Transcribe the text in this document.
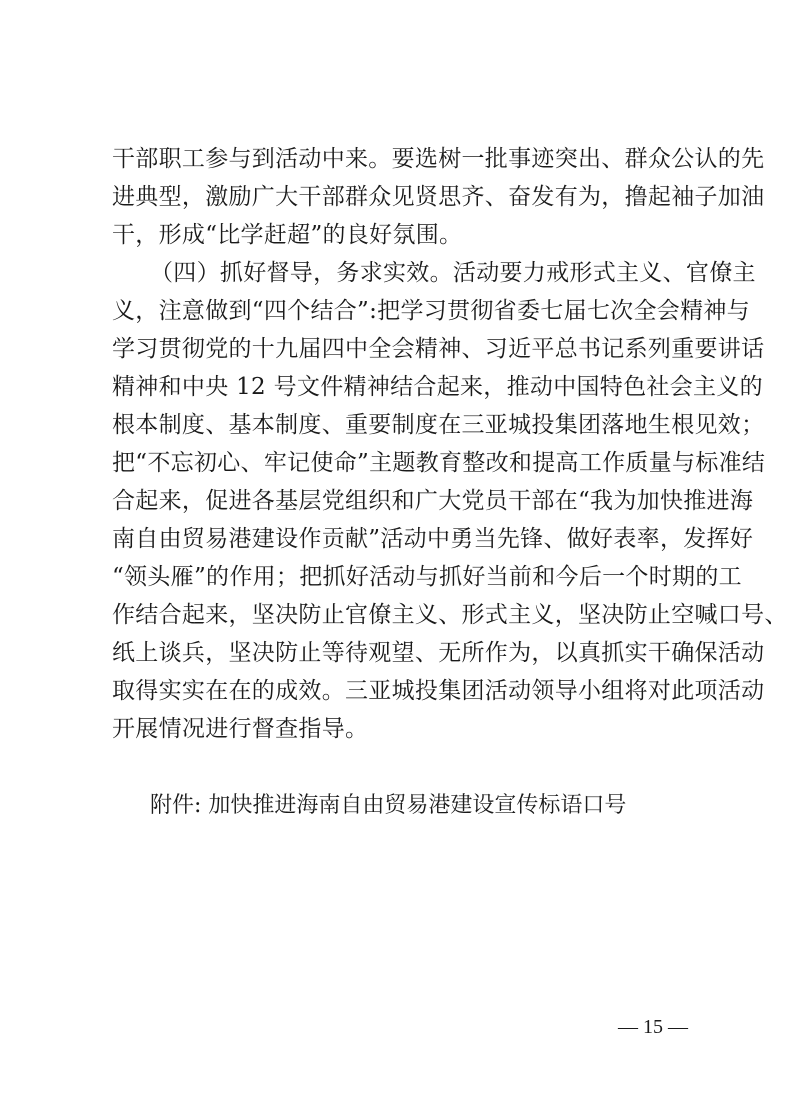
干部职工参与到活动中来。要选树一批事迹突出、群众公认的先
进典型，激励广大干部群众见贤思齐、奋发有为，撸起袖子加油
干，形成“比学赶超”的良好氛围。
（四）抓好督导，务求实效。活动要力戒形式主义、官僚主
义，注意做到“四个结合”:把学习贯彻省委七届七次全会精神与
学习贯彻党的十九届四中全会精神、习近平总书记系列重要讲话
精神和中央 12 号文件精神结合起来，推动中国特色社会主义的
根本制度、基本制度、重要制度在三亚城投集团落地生根见效；
把“不忘初心、牢记使命”主题教育整改和提高工作质量与标准结
合起来，促进各基层党组织和广大党员干部在“我为加快推进海
南自由贸易港建设作贡献”活动中勇当先锋、做好表率，发挥好
“领头雁”的作用；把抓好活动与抓好当前和今后一个时期的工
作结合起来，坚决防止官僚主义、形式主义，坚决防止空喊口号、
纸上谈兵，坚决防止等待观望、无所作为，以真抓实干确保活动
取得实实在在的成效。三亚城投集团活动领导小组将对此项活动
开展情况进行督查指导。
附件: 加快推进海南自由贸易港建设宣传标语口号
— 15 —
